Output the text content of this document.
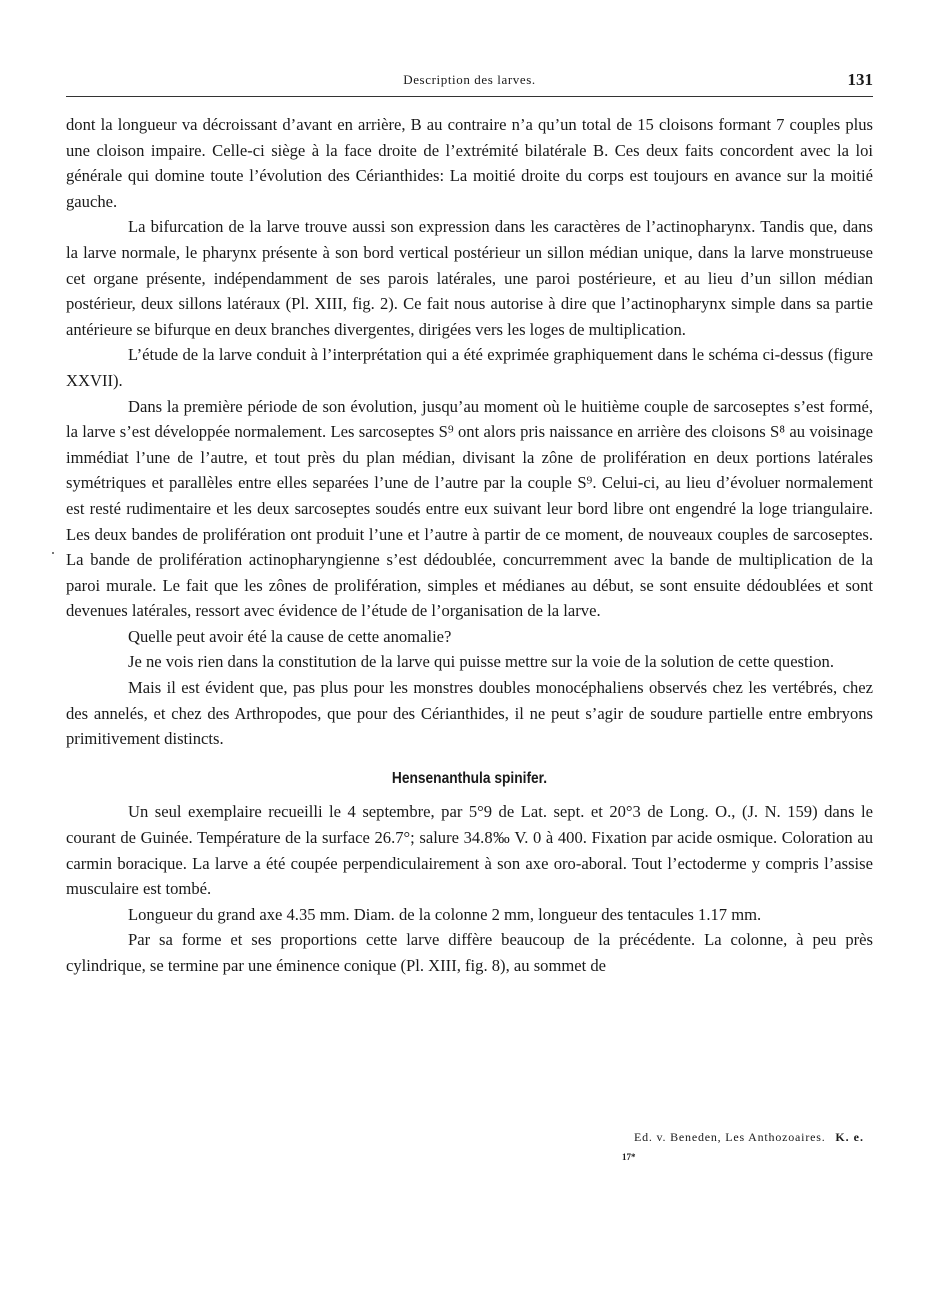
Description des larves.	131

dont la longueur va décroissant d’avant en arrière, B au contraire n’a qu’un total de 15 cloisons formant 7 couples plus une cloison impaire. Celle-ci siège à la face droite de l’extrémité bilatérale B. Ces deux faits concordent avec la loi générale qui domine toute l’évolution des Cérianthides: La moitié droite du corps est toujours en avance sur la moitié gauche.

La bifurcation de la larve trouve aussi son expression dans les caractères de l’actinopharynx. Tandis que, dans la larve normale, le pharynx présente à son bord vertical postérieur un sillon médian unique, dans la larve monstrueuse cet organe présente, indépendamment de ses parois latérales, une paroi postérieure, et au lieu d’un sillon médian postérieur, deux sillons latéraux (Pl. XIII, fig. 2). Ce fait nous autorise à dire que l’actinopharynx simple dans sa partie antérieure se bifurque en deux branches divergentes, dirigées vers les loges de multiplication.

L’étude de la larve conduit à l’interprétation qui a été exprimée graphiquement dans le schéma ci-dessus (figure XXVII).

Dans la première période de son évolution, jusqu’au moment où le huitième couple de sarcoseptes s’est formé, la larve s’est développée normalement. Les sarcoseptes S⁹ ont alors pris naissance en arrière des cloisons S⁸ au voisinage immédiat l’une de l’autre, et tout près du plan médian, divisant la zône de prolifération en deux portions latérales symétriques et parallèles entre elles separées l’une de l’autre par la couple S⁹. Celui-ci, au lieu d’évoluer normalement est resté rudimentaire et les deux sarcoseptes soudés entre eux suivant leur bord libre ont engendré la loge triangulaire. Les deux bandes de prolifération ont produit l’une et l’autre à partir de ce moment, de nouveaux couples de sarcoseptes. La bande de prolifération actinopharyngienne s’est dédoublée, concurremment avec la bande de multiplication de la paroi murale. Le fait que les zônes de prolifération, simples et médianes au début, se sont ensuite dédoublées et sont devenues latérales, ressort avec évidence de l’étude de l’organisation de la larve.

Quelle peut avoir été la cause de cette anomalie?

Je ne vois rien dans la constitution de la larve qui puisse mettre sur la voie de la solution de cette question.

Mais il est évident que, pas plus pour les monstres doubles monocéphaliens observés chez les vertébrés, chez des annelés, et chez des Arthropodes, que pour des Cérianthides, il ne peut s’agir de soudure partielle entre embryons primitivement distincts.

Hensenanthula spinifer.

Un seul exemplaire recueilli le 4 septembre, par 5°9 de Lat. sept. et 20°3 de Long. O., (J. N. 159) dans le courant de Guinée. Température de la surface 26.7°; salure 34.8‰ V. 0 à 400. Fixation par acide osmique. Coloration au carmin boracique. La larve a été coupée perpendiculairement à son axe oro-aboral. Tout l’ectoderme y compris l’assise musculaire est tombé.

Longueur du grand axe 4.35 mm. Diam. de la colonne 2 mm, longueur des tentacules 1.17 mm.

Par sa forme et ses proportions cette larve diffère beaucoup de la précédente. La colonne, à peu près cylindrique, se termine par une éminence conique (Pl. XIII, fig. 8), au sommet de

Ed. v. Beneden, Les Anthozoaires. K. e.
17*
